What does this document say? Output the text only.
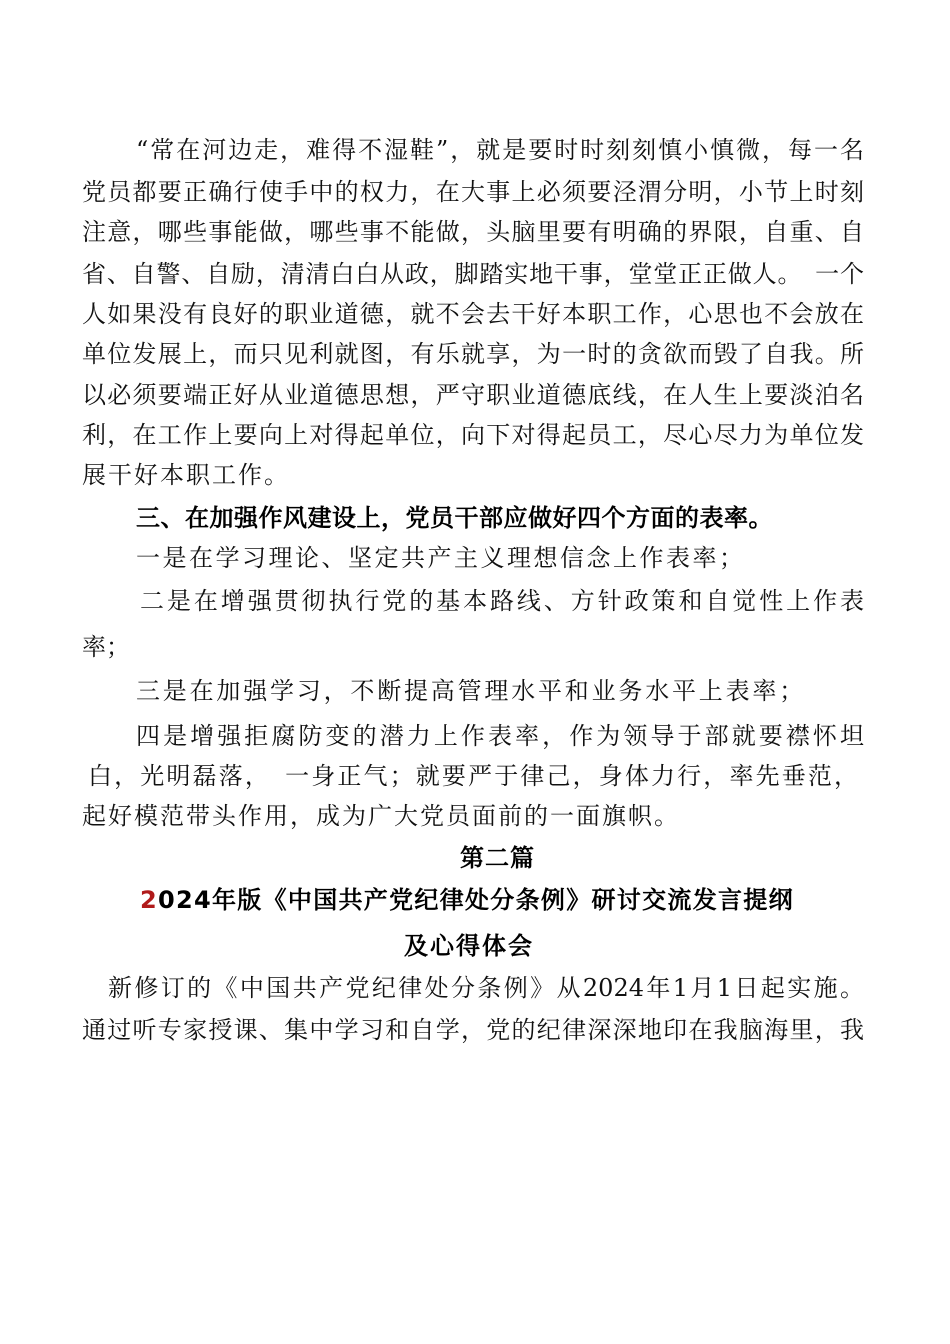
“常在河边走，难得不湿鞋”，就是要时时刻刻慎小慎微，每一名
党员都要正确行使手中的权力，在大事上必须要泾渭分明，小节上时刻
注意，哪些事能做，哪些事不能做，头脑里要有明确的界限，自重、自
省、自警、自励，清清白白从政，脚踏实地干事，堂堂正正做人。　一个
人如果没有良好的职业道德，就不会去干好本职工作，心思也不会放在
单位发展上，而只见利就图，有乐就享，为一时的贪欲而毁了自我。所
以必须要端正好从业道德思想，严守职业道德底线，在人生上要淡泊名
利，在工作上要向上对得起单位，向下对得起员工，尽心尽力为单位发
展干好本职工作。
三、在加强作风建设上，党员干部应做好四个方面的表率。
一是在学习理论、坚定共产主义理想信念上作表率；
二是在增强贯彻执行党的基本路线、方针政策和自觉性上作表
率；
三是在加强学习，不断提高管理水平和业务水平上表率；
四是增强拒腐防变的潜力上作表率，作为领导于部就要襟怀坦
白，光明磊落，　一身正气；就要严于律己，身体力行，率先垂范，
起好模范带头作用，成为广大党员面前的一面旗帜。
第二篇
2024年版《中国共产党纪律处分条例》研讨交流发言提纲
及心得体会
新修订的《中国共产党纪律处分条例》从2024年1月1日起实施。
通过听专家授课、集中学习和自学，党的纪律深深地印在我脑海里，我
